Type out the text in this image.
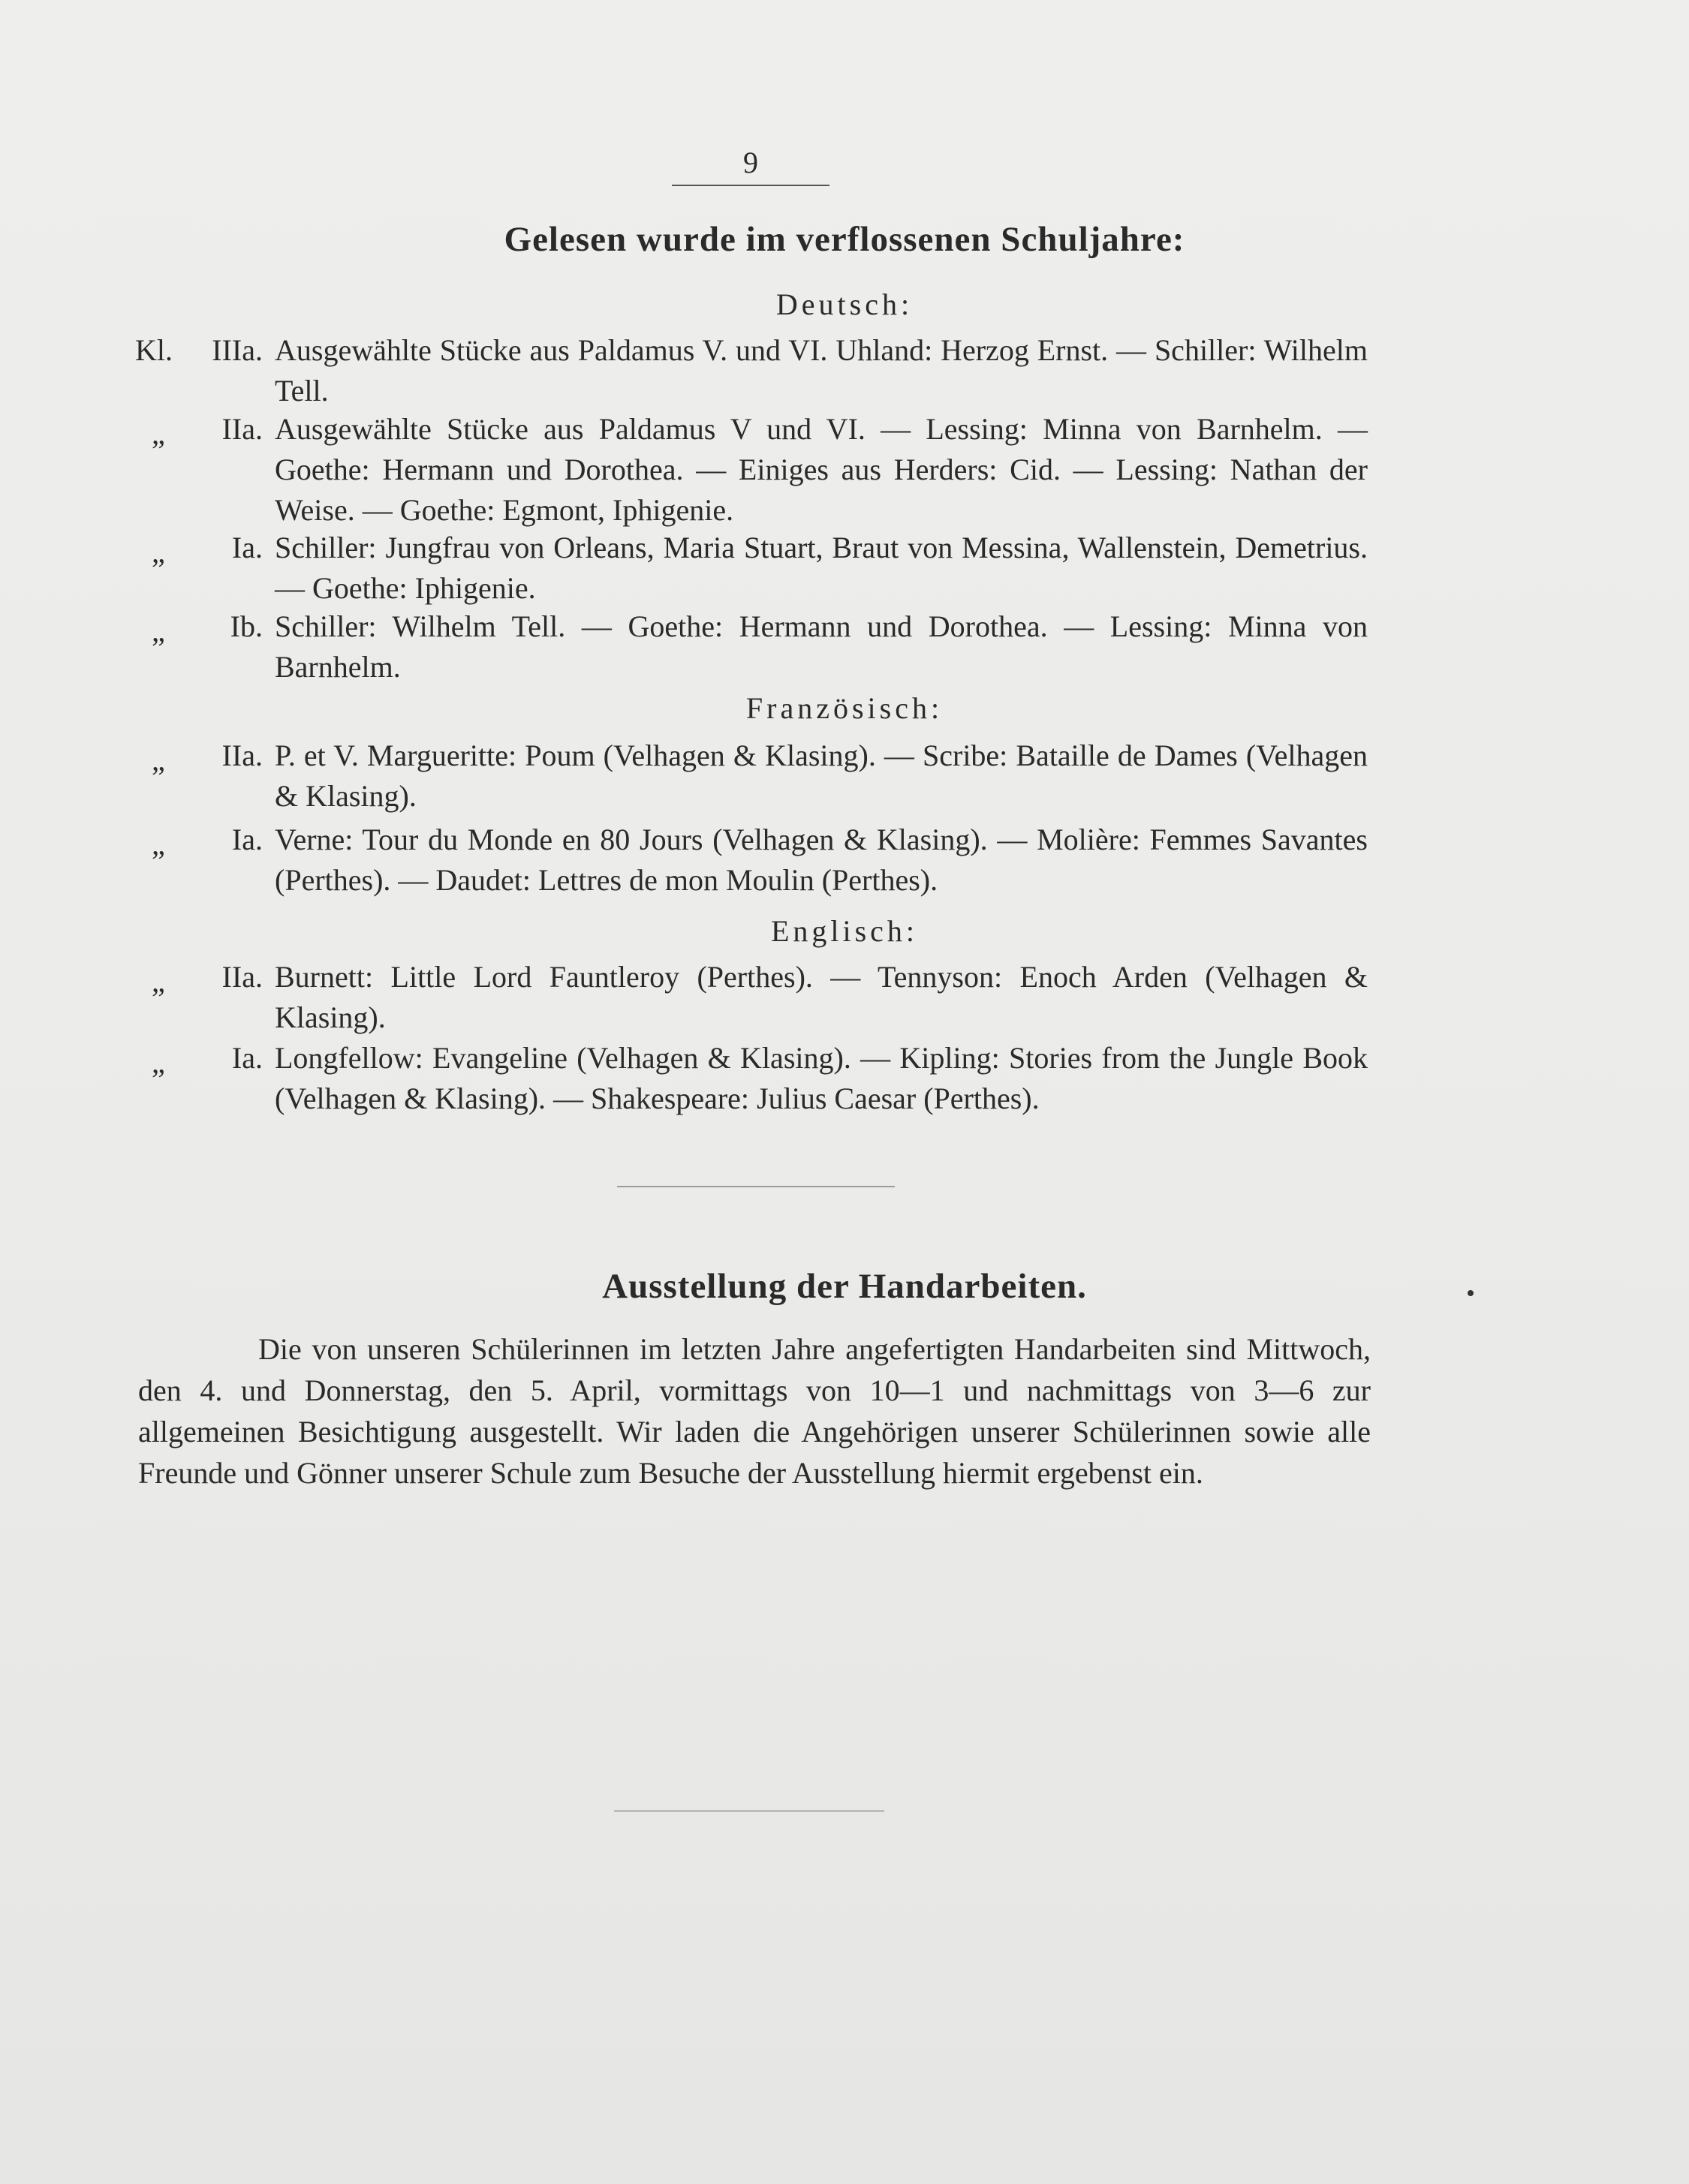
9
Gelesen wurde im verflossenen Schuljahre:
Deutsch:
Kl. IIIa. Ausgewählte Stücke aus Paldamus V. und VI. Uhland: Herzog Ernst. — Schiller: Wilhelm Tell.
„ IIa. Ausgewählte Stücke aus Paldamus V und VI. — Lessing: Minna von Barnhelm. — Goethe: Hermann und Dorothea. — Einiges aus Herders: Cid. — Lessing: Nathan der Weise. — Goethe: Egmont, Iphigenie.
„ Ia. Schiller: Jungfrau von Orleans, Maria Stuart, Braut von Messina, Wallenstein, Demetrius. — Goethe: Iphigenie.
„ Ib. Schiller: Wilhelm Tell. — Goethe: Hermann und Dorothea. — Lessing: Minna von Barnhelm.
Französisch:
„ IIa. P. et V. Margueritte: Poum (Velhagen & Klasing). — Scribe: Bataille de Dames (Velhagen & Klasing).
„ Ia. Verne: Tour du Monde en 80 Jours (Velhagen & Klasing). — Molière: Femmes Savantes (Perthes). — Daudet: Lettres de mon Moulin (Perthes).
Englisch:
„ IIa. Burnett: Little Lord Fauntleroy (Perthes). — Tennyson: Enoch Arden (Velhagen & Klasing).
„ Ia. Longfellow: Evangeline (Velhagen & Klasing). — Kipling: Stories from the Jungle Book (Velhagen & Klasing). — Shakespeare: Julius Caesar (Perthes).
Ausstellung der Handarbeiten.
Die von unseren Schülerinnen im letzten Jahre angefertigten Handarbeiten sind Mittwoch, den 4. und Donnerstag, den 5. April, vormittags von 10—1 und nachmittags von 3—6 zur allgemeinen Besichtigung ausgestellt. Wir laden die Angehörigen unserer Schülerinnen sowie alle Freunde und Gönner unserer Schule zum Besuche der Ausstellung hiermit ergebenst ein.
